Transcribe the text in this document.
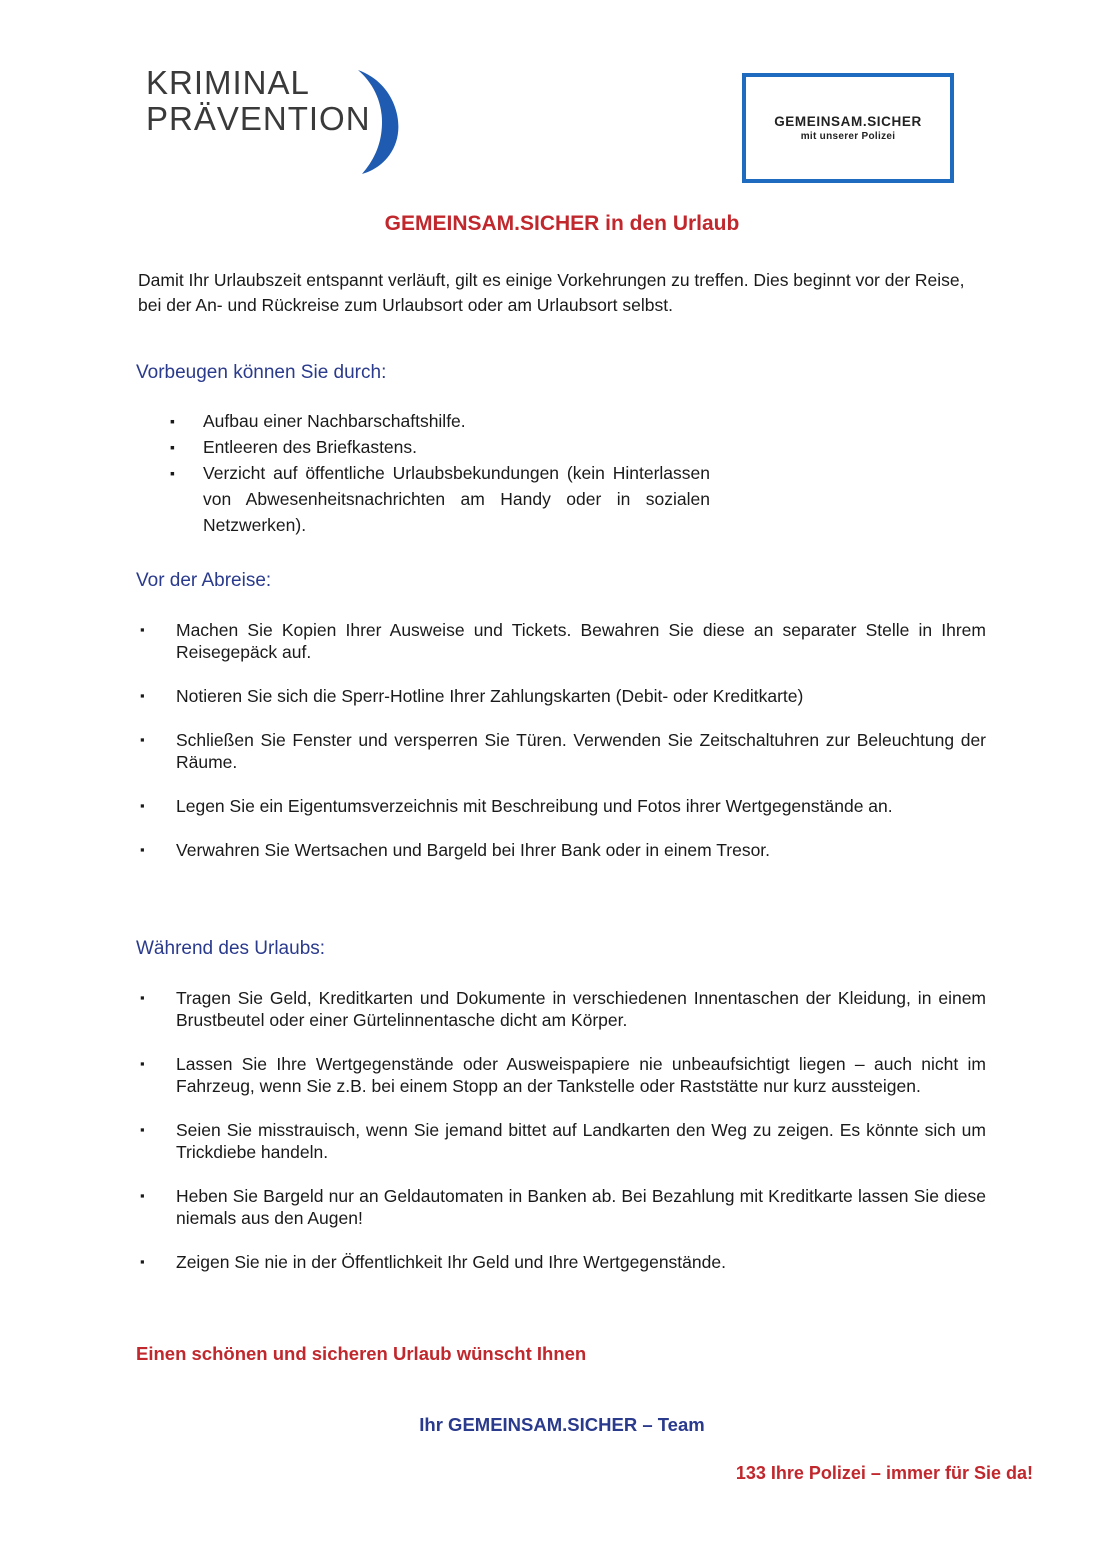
KRIMINAL
PRÄVENTION	GEMEINSAM.SICHER
mit unserer Polizei
GEMEINSAM.SICHER in den Urlaub
Damit Ihr Urlaubszeit entspannt verläuft, gilt es einige Vorkehrungen zu treffen. Dies beginnt vor der Reise, bei der An- und Rückreise zum Urlaubsort oder am Urlaubsort selbst.
Vorbeugen können Sie durch:
▪ Aufbau einer Nachbarschaftshilfe.
▪ Entleeren des Briefkastens.
▪ Verzicht auf öffentliche Urlaubsbekundungen (kein Hinterlassen von Abwesenheitsnachrichten am Handy oder in sozialen Netzwerken).
Vor der Abreise:
▪ Machen Sie Kopien Ihrer Ausweise und Tickets. Bewahren Sie diese an separater Stelle in Ihrem Reisegepäck auf.
▪ Notieren Sie sich die Sperr-Hotline Ihrer Zahlungskarten (Debit- oder Kreditkarte)
▪ Schließen Sie Fenster und versperren Sie Türen. Verwenden Sie Zeitschaltuhren zur Beleuchtung der Räume.
▪ Legen Sie ein Eigentumsverzeichnis mit Beschreibung und Fotos ihrer Wertgegenstände an.
▪ Verwahren Sie Wertsachen und Bargeld bei Ihrer Bank oder in einem Tresor.
Während des Urlaubs:
▪ Tragen Sie Geld, Kreditkarten und Dokumente in verschiedenen Innentaschen der Kleidung, in einem Brustbeutel oder einer Gürtelinnentasche dicht am Körper.
▪ Lassen Sie Ihre Wertgegenstände oder Ausweispapiere nie unbeaufsichtigt liegen – auch nicht im Fahrzeug, wenn Sie z.B. bei einem Stopp an der Tankstelle oder Raststätte nur kurz aussteigen.
▪ Seien Sie misstrauisch, wenn Sie jemand bittet auf Landkarten den Weg zu zeigen. Es könnte sich um Trickdiebe handeln.
▪ Heben Sie Bargeld nur an Geldautomaten in Banken ab. Bei Bezahlung mit Kreditkarte lassen Sie diese niemals aus den Augen!
▪ Zeigen Sie nie in der Öffentlichkeit Ihr Geld und Ihre Wertgegenstände.
Einen schönen und sicheren Urlaub wünscht Ihnen
Ihr GEMEINSAM.SICHER – Team
133 Ihre Polizei – immer für Sie da!
